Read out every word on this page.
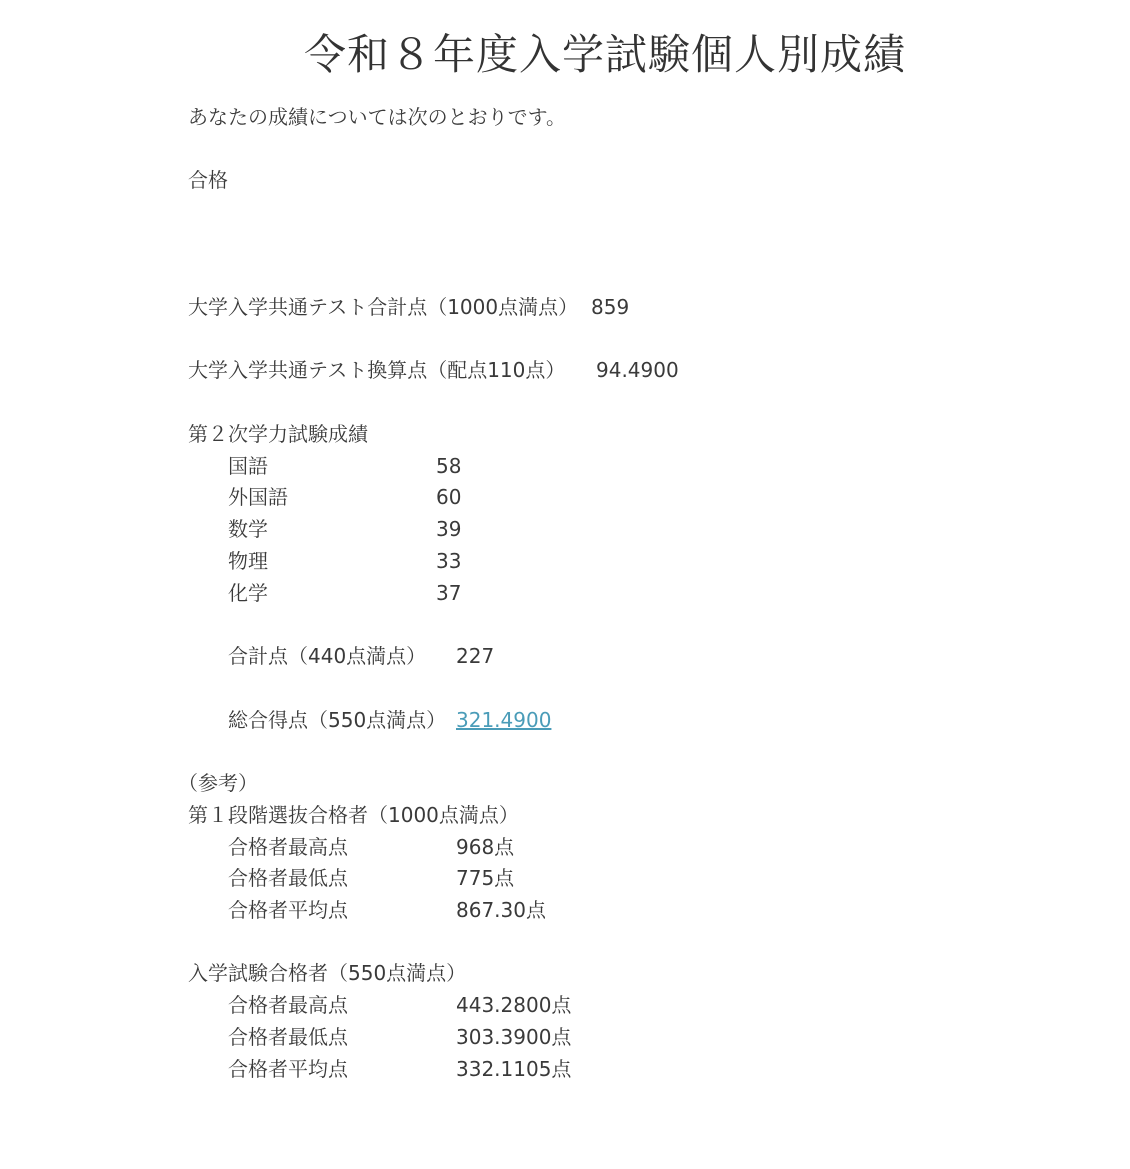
令和８年度入学試験個人別成績
あなたの成績については次のとおりです。
合格
大学入学共通テスト合計点（1000点満点） 859
大学入学共通テスト換算点（配点110点） 94.4900
第２次学力試験成績
国語	58
外国語	60
数学	39
物理	33
化学	37
合計点（440点満点） 227
総合得点（550点満点） 321.4900
（参考）
第１段階選抜合格者（1000点満点）
合格者最高点	968点
合格者最低点	775点
合格者平均点	867.30点
入学試験合格者（550点満点）
合格者最高点	443.2800点
合格者最低点	303.3900点
合格者平均点	332.1105点
